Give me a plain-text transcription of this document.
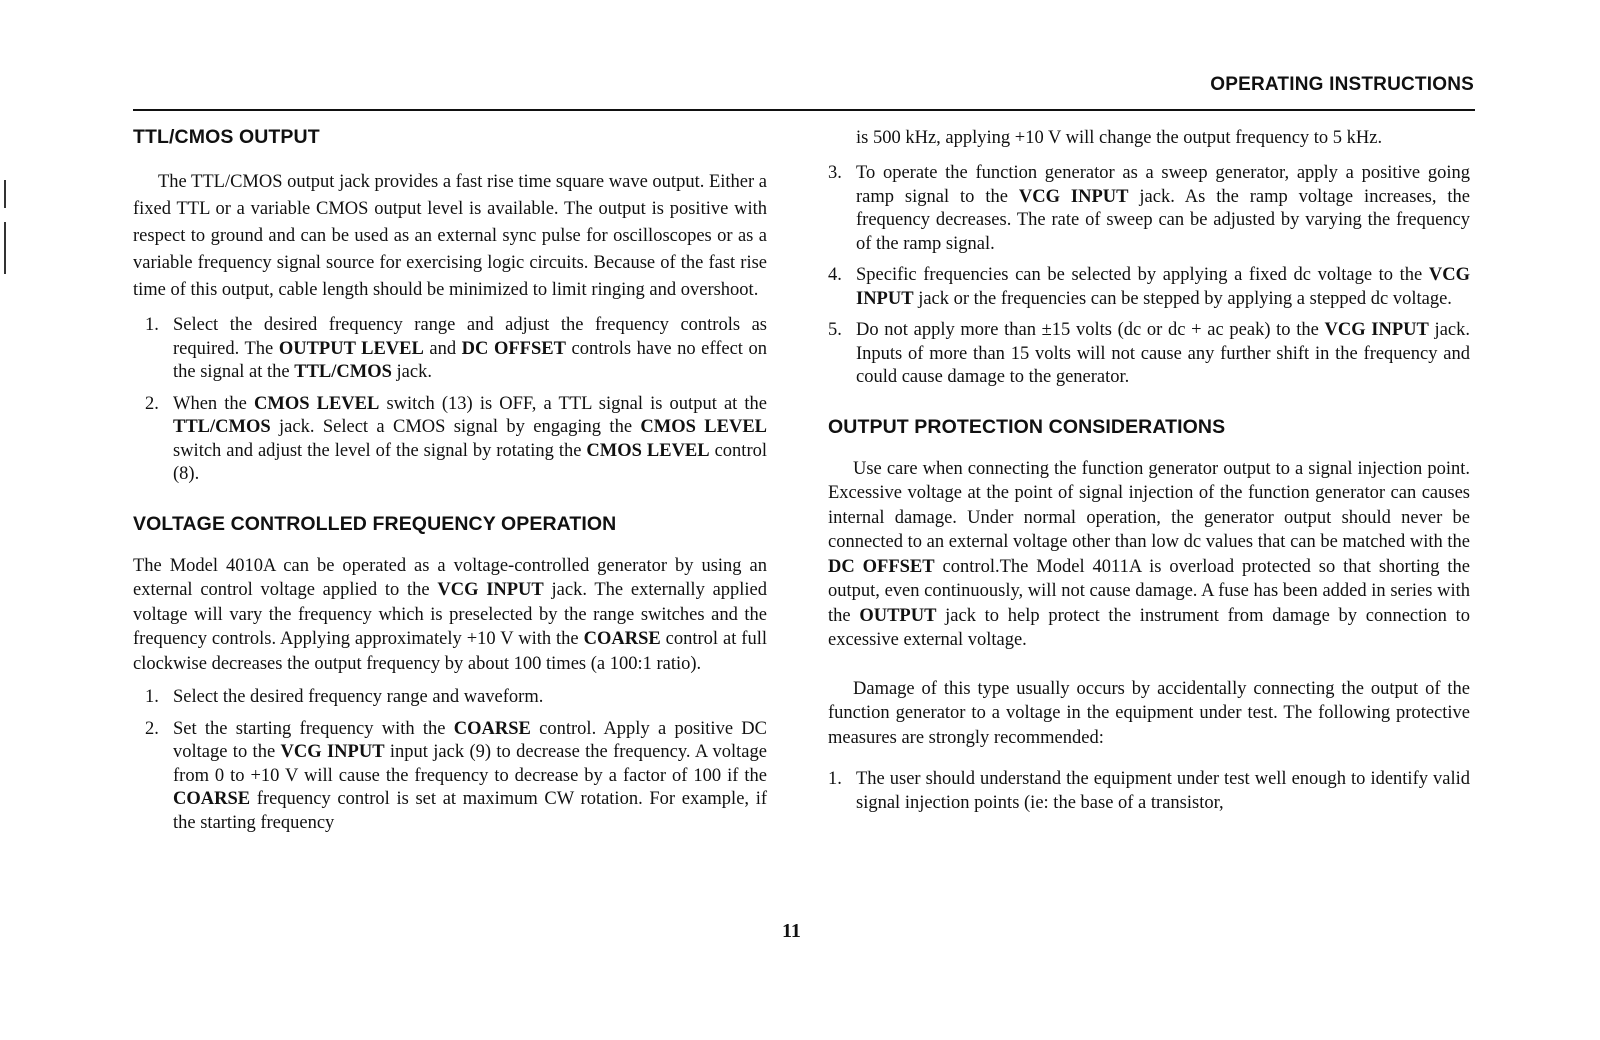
OPERATING INSTRUCTIONS
TTL/CMOS OUTPUT

The TTL/CMOS output jack provides a fast rise time square wave output. Either a fixed TTL or a variable CMOS output level is available. The output is positive with respect to ground and can be used as an external sync pulse for oscilloscopes or as a variable frequency signal source for exercising logic circuits. Because of the fast rise time of this output, cable length should be minimized to limit ringing and overshoot.

1. Select the desired frequency range and adjust the frequency controls as required. The OUTPUT LEVEL and DC OFFSET controls have no effect on the signal at the TTL/CMOS jack.
2. When the CMOS LEVEL switch (13) is OFF, a TTL signal is output at the TTL/CMOS jack. Select a CMOS signal by engaging the CMOS LEVEL switch and adjust the level of the signal by rotating the CMOS LEVEL control (8).
VOLTAGE CONTROLLED FREQUENCY OPERATION

The Model 4010A can be operated as a voltage-controlled generator by using an external control voltage applied to the VCG INPUT jack. The externally applied voltage will vary the frequency which is preselected by the range switches and the frequency controls. Applying approximately +10 V with the COARSE control at full clockwise decreases the output frequency by about 100 times (a 100:1 ratio).

1. Select the desired frequency range and waveform.
2. Set the starting frequency with the COARSE control. Apply a positive DC voltage to the VCG INPUT input jack (9) to decrease the frequency. A voltage from 0 to +10 V will cause the frequency to decrease by a factor of 100 if the COARSE frequency control is set at maximum CW rotation. For example, if the starting frequency
is 500 kHz, applying +10 V will change the output frequency to 5 kHz.
3. To operate the function generator as a sweep generator, apply a positive going ramp signal to the VCG INPUT jack. As the ramp voltage increases, the frequency decreases. The rate of sweep can be adjusted by varying the frequency of the ramp signal.
4. Specific frequencies can be selected by applying a fixed dc voltage to the VCG INPUT jack or the frequencies can be stepped by applying a stepped dc voltage.
5. Do not apply more than ±15 volts (dc or dc + ac peak) to the VCG INPUT jack. Inputs of more than 15 volts will not cause any further shift in the frequency and could cause damage to the generator.
OUTPUT PROTECTION CONSIDERATIONS

Use care when connecting the function generator output to a signal injection point. Excessive voltage at the point of signal injection of the function generator can causes internal damage. Under normal operation, the generator output should never be connected to an external voltage other than low dc values that can be matched with the DC OFFSET control.The Model 4011A is overload protected so that shorting the output, even continuously, will not cause damage. A fuse has been added in series with the OUTPUT jack to help protect the instrument from damage by connection to excessive external voltage.

Damage of this type usually occurs by accidentally connecting the output of the function generator to a voltage in the equipment under test. The following protective measures are strongly recommended:

1. The user should understand the equipment under test well enough to identify valid signal injection points (ie: the base of a transistor,
11
